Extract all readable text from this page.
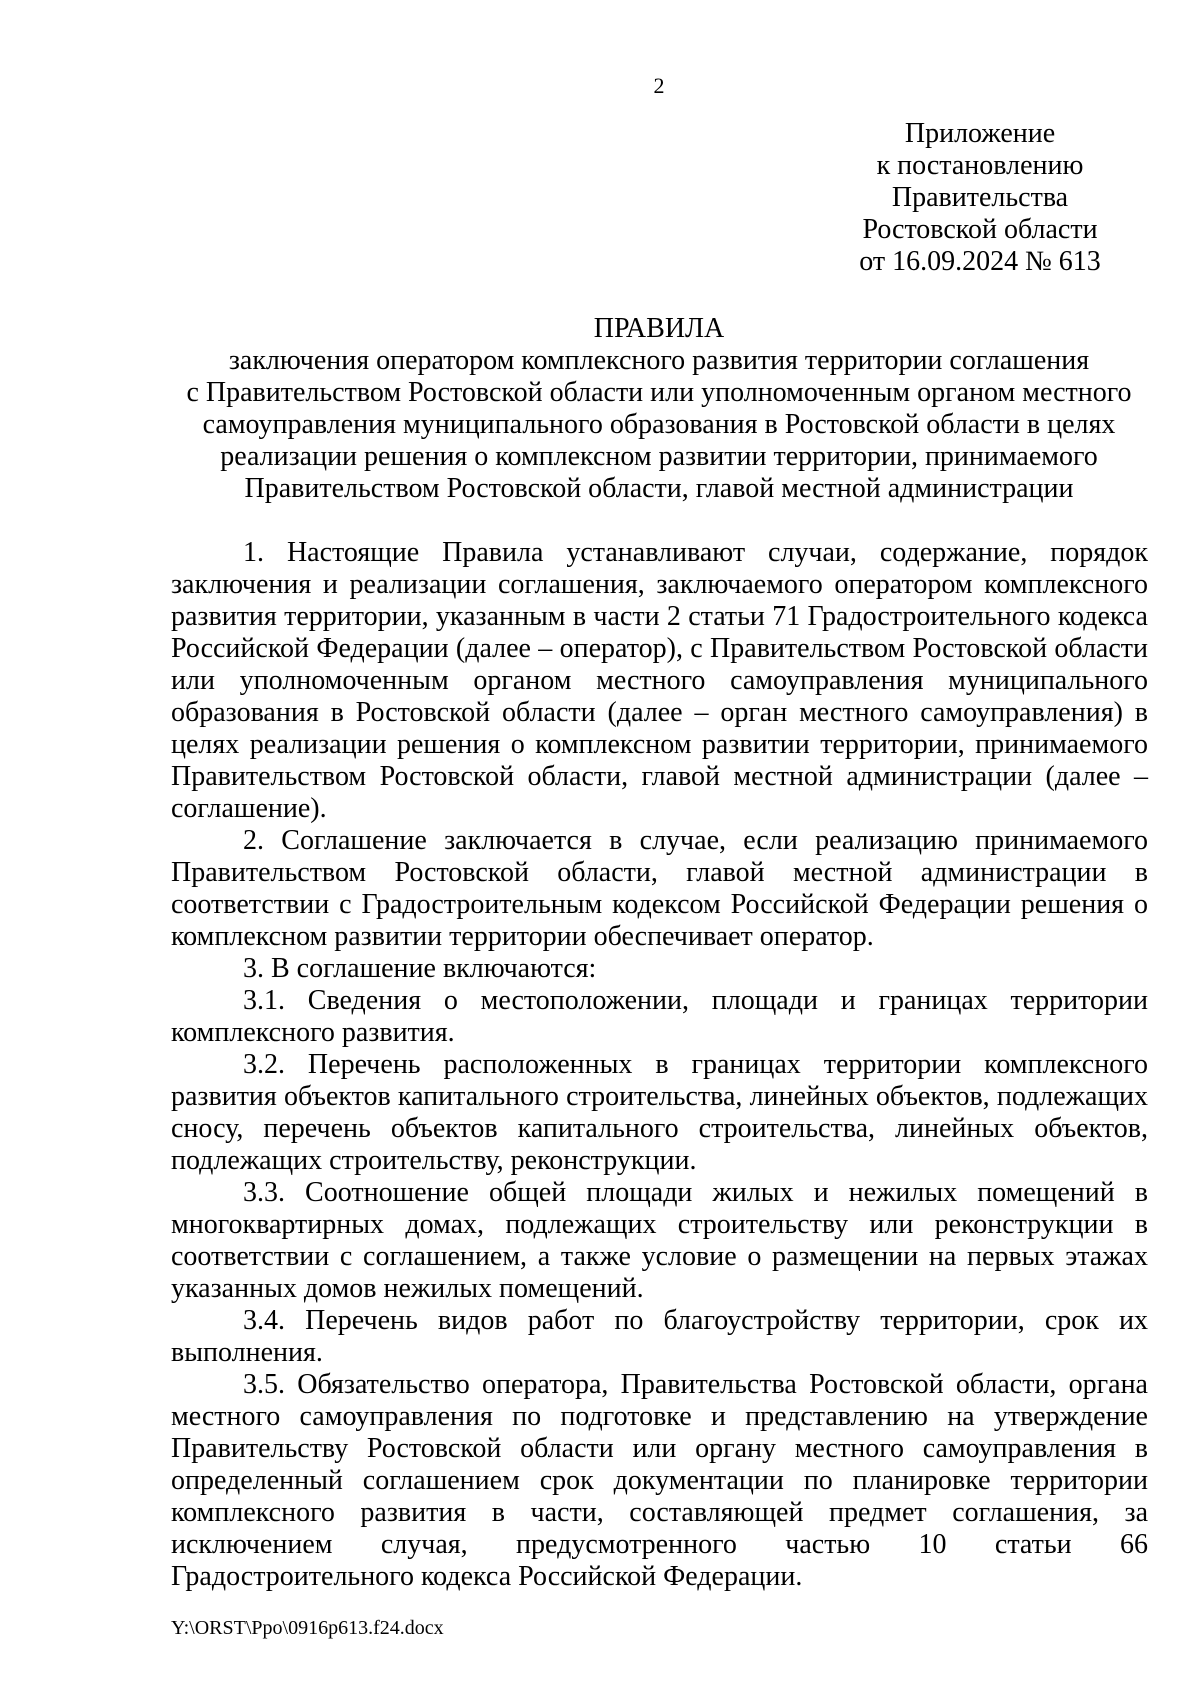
2
Приложение
к постановлению
Правительства
Ростовской области
от 16.09.2024 № 613
ПРАВИЛА
заключения оператором комплексного развития территории соглашения
с Правительством Ростовской области или уполномоченным органом местного
самоуправления муниципального образования в Ростовской области в целях
реализации решения о комплексном развитии территории, принимаемого
Правительством Ростовской области, главой местной администрации

1. Настоящие Правила устанавливают случаи, содержание, порядок заключения и реализации соглашения, заключаемого оператором комплексного развития территории, указанным в части 2 статьи 71 Градостроительного кодекса Российской Федерации (далее – оператор), с Правительством Ростовской области или уполномоченным органом местного самоуправления муниципального образования в Ростовской области (далее – орган местного самоуправления) в целях реализации решения о комплексном развитии территории, принимаемого Правительством Ростовской области, главой местной администрации (далее – соглашение).

2. Соглашение заключается в случае, если реализацию принимаемого Правительством Ростовской области, главой местной администрации в соответствии с Градостроительным кодексом Российской Федерации решения о комплексном развитии территории обеспечивает оператор.

3. В соглашение включаются:

3.1. Сведения о местоположении, площади и границах территории комплексного развития.

3.2. Перечень расположенных в границах территории комплексного развития объектов капитального строительства, линейных объектов, подлежащих сносу, перечень объектов капитального строительства, линейных объектов, подлежащих строительству, реконструкции.

3.3. Соотношение общей площади жилых и нежилых помещений в многоквартирных домах, подлежащих строительству или реконструкции в соответствии с соглашением, а также условие о размещении на первых этажах указанных домов нежилых помещений.

3.4. Перечень видов работ по благоустройству территории, срок их выполнения.

3.5. Обязательство оператора, Правительства Ростовской области, органа местного самоуправления по подготовке и представлению на утверждение Правительству Ростовской области или органу местного самоуправления в определенный соглашением срок документации по планировке территории комплексного развития в части, составляющей предмет соглашения, за исключением случая, предусмотренного частью 10 статьи 66 Градостроительного кодекса Российской Федерации.

Y:\ORST\Ppo\0916p613.f24.docx
